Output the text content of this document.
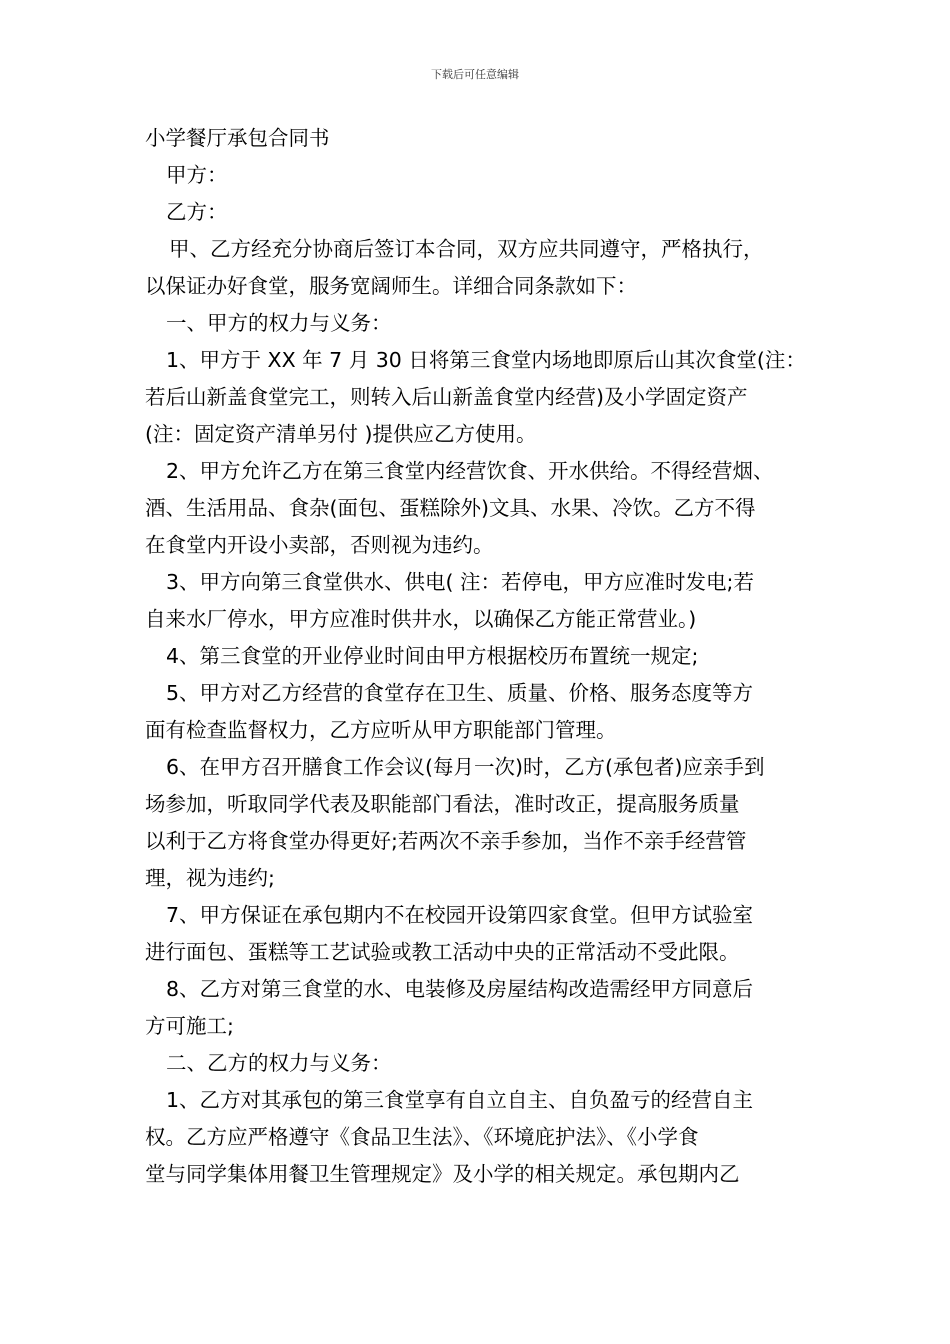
下载后可任意编辑
小学餐厅承包合同书
甲方：
乙方：
甲、乙方经充分协商后签订本合同，双方应共同遵守，严格执行，
以保证办好食堂，服务宽阔师生。详细合同条款如下：
一、甲方的权力与义务：
1、甲方于 XX 年 7 月 30 日将第三食堂内场地即原后山其次食堂(注：
若后山新盖食堂完工，则转入后山新盖食堂内经营)及小学固定资产
(注：固定资产清单另付 )提供应乙方使用。
2、甲方允许乙方在第三食堂内经营饮食、开水供给。不得经营烟、
酒、生活用品、食杂(面包、蛋糕除外)文具、水果、冷饮。乙方不得
在食堂内开设小卖部，否则视为违约。
3、甲方向第三食堂供水、供电( 注：若停电，甲方应准时发电;若
自来水厂停水，甲方应准时供井水，以确保乙方能正常营业。)
4、第三食堂的开业停业时间由甲方根据校历布置统一规定;
5、甲方对乙方经营的食堂存在卫生、质量、价格、服务态度等方
面有检查监督权力，乙方应听从甲方职能部门管理。
6、在甲方召开膳食工作会议(每月一次)时，乙方(承包者)应亲手到
场参加，听取同学代表及职能部门看法，准时改正，提高服务质量
以利于乙方将食堂办得更好;若两次不亲手参加，当作不亲手经营管
理，视为违约;
7、甲方保证在承包期内不在校园开设第四家食堂。但甲方试验室
进行面包、蛋糕等工艺试验或教工活动中央的正常活动不受此限。
8、乙方对第三食堂的水、电装修及房屋结构改造需经甲方同意后
方可施工;
二、乙方的权力与义务：
1、乙方对其承包的第三食堂享有自立自主、自负盈亏的经营自主
权。乙方应严格遵守《食品卫生法》、《环境庇护法》、《小学食
堂与同学集体用餐卫生管理规定》及小学的相关规定。承包期内乙
